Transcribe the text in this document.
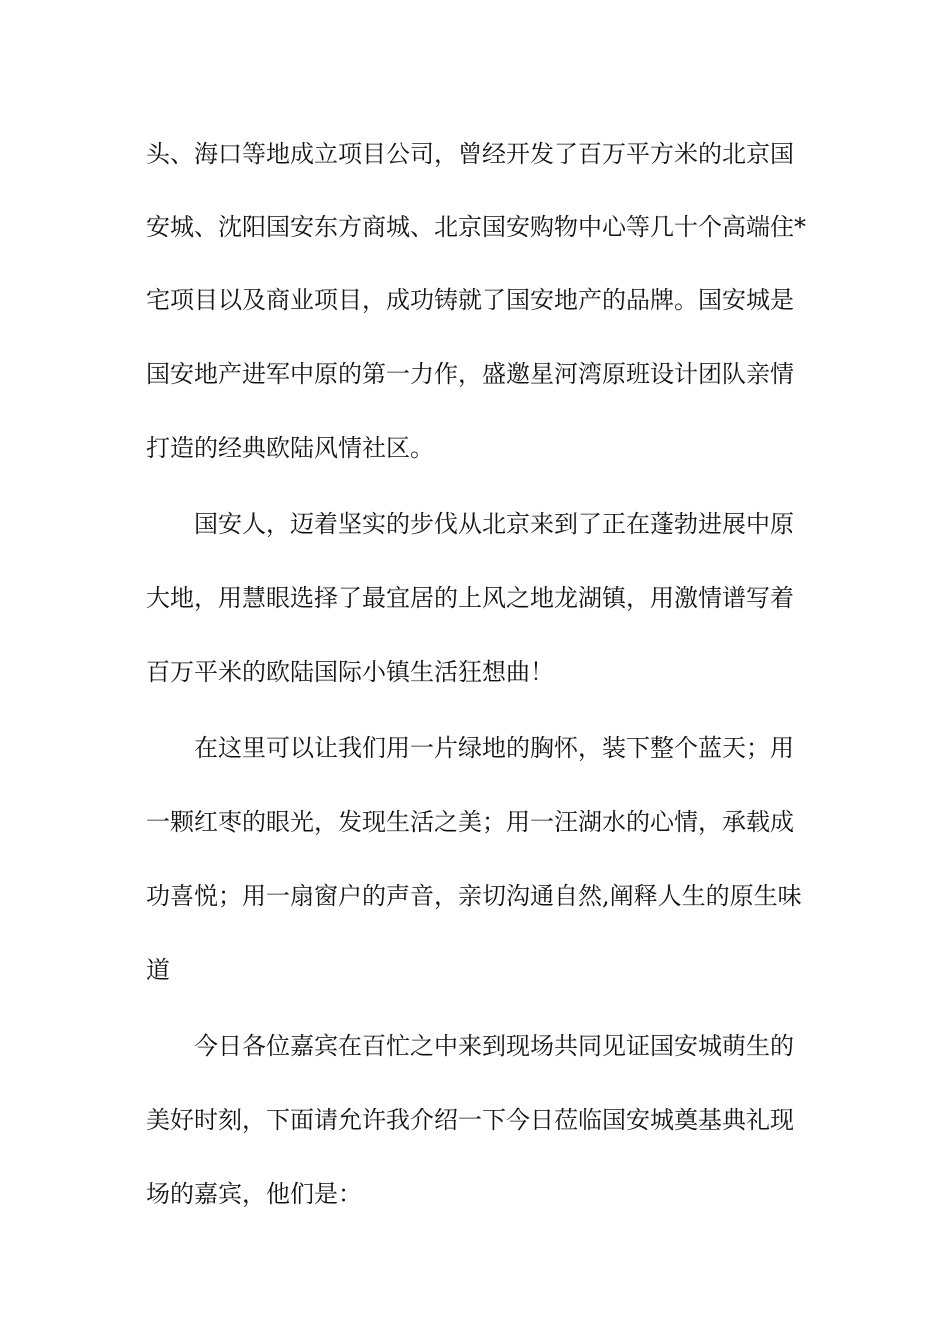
头、海口等地成立项目公司，曾经开发了百万平方米的北京国

安城、沈阳国安东方商城、北京国安购物中心等几十个高端住*

宅项目以及商业项目，成功铸就了国安地产的品牌。国安城是

国安地产进军中原的第一力作，盛邀星河湾原班设计团队亲情

打造的经典欧陆风情社区。

国安人，迈着坚实的步伐从北京来到了正在蓬勃进展中原

大地，用慧眼选择了最宜居的上风之地龙湖镇，用激情谱写着

百万平米的欧陆国际小镇生活狂想曲！

在这里可以让我们用一片绿地的胸怀，装下整个蓝天；用

一颗红枣的眼光，发现生活之美；用一汪湖水的心情，承载成

功喜悦；用一扇窗户的声音，亲切沟通自然,阐释人生的原生味

道

今日各位嘉宾在百忙之中来到现场共同见证国安城萌生的

美好时刻，下面请允许我介绍一下今日莅临国安城奠基典礼现

场的嘉宾，他们是：
